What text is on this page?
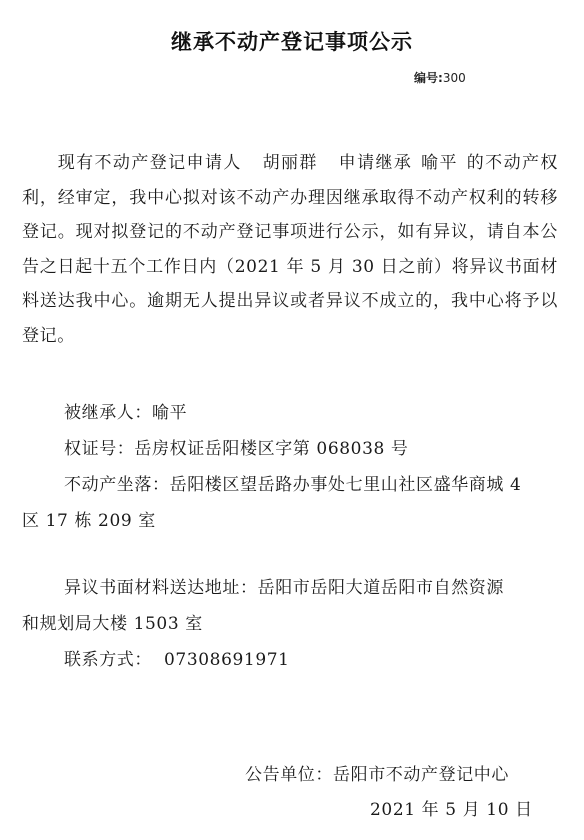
继承不动产登记事项公示
编号:300
现有不动产登记申请人 胡丽群 申请继承 喻平 的不动产权利，经审定，我中心拟对该不动产办理因继承取得不动产权利的转移登记。现对拟登记的不动产登记事项进行公示，如有异议，请自本公告之日起十五个工作日内（2021 年 5 月 30 日之前）将异议书面材料送达我中心。逾期无人提出异议或者异议不成立的，我中心将予以登记。
被继承人：喻平
权证号：岳房权证岳阳楼区字第 068038 号
不动产坐落：岳阳楼区望岳路办事处七里山社区盛华商城 4
区 17 栋 209 室
异议书面材料送达地址：岳阳市岳阳大道岳阳市自然资源
和规划局大楼 1503 室
联系方式：  07308691971
公告单位：岳阳市不动产登记中心
2021 年 5 月 10 日
